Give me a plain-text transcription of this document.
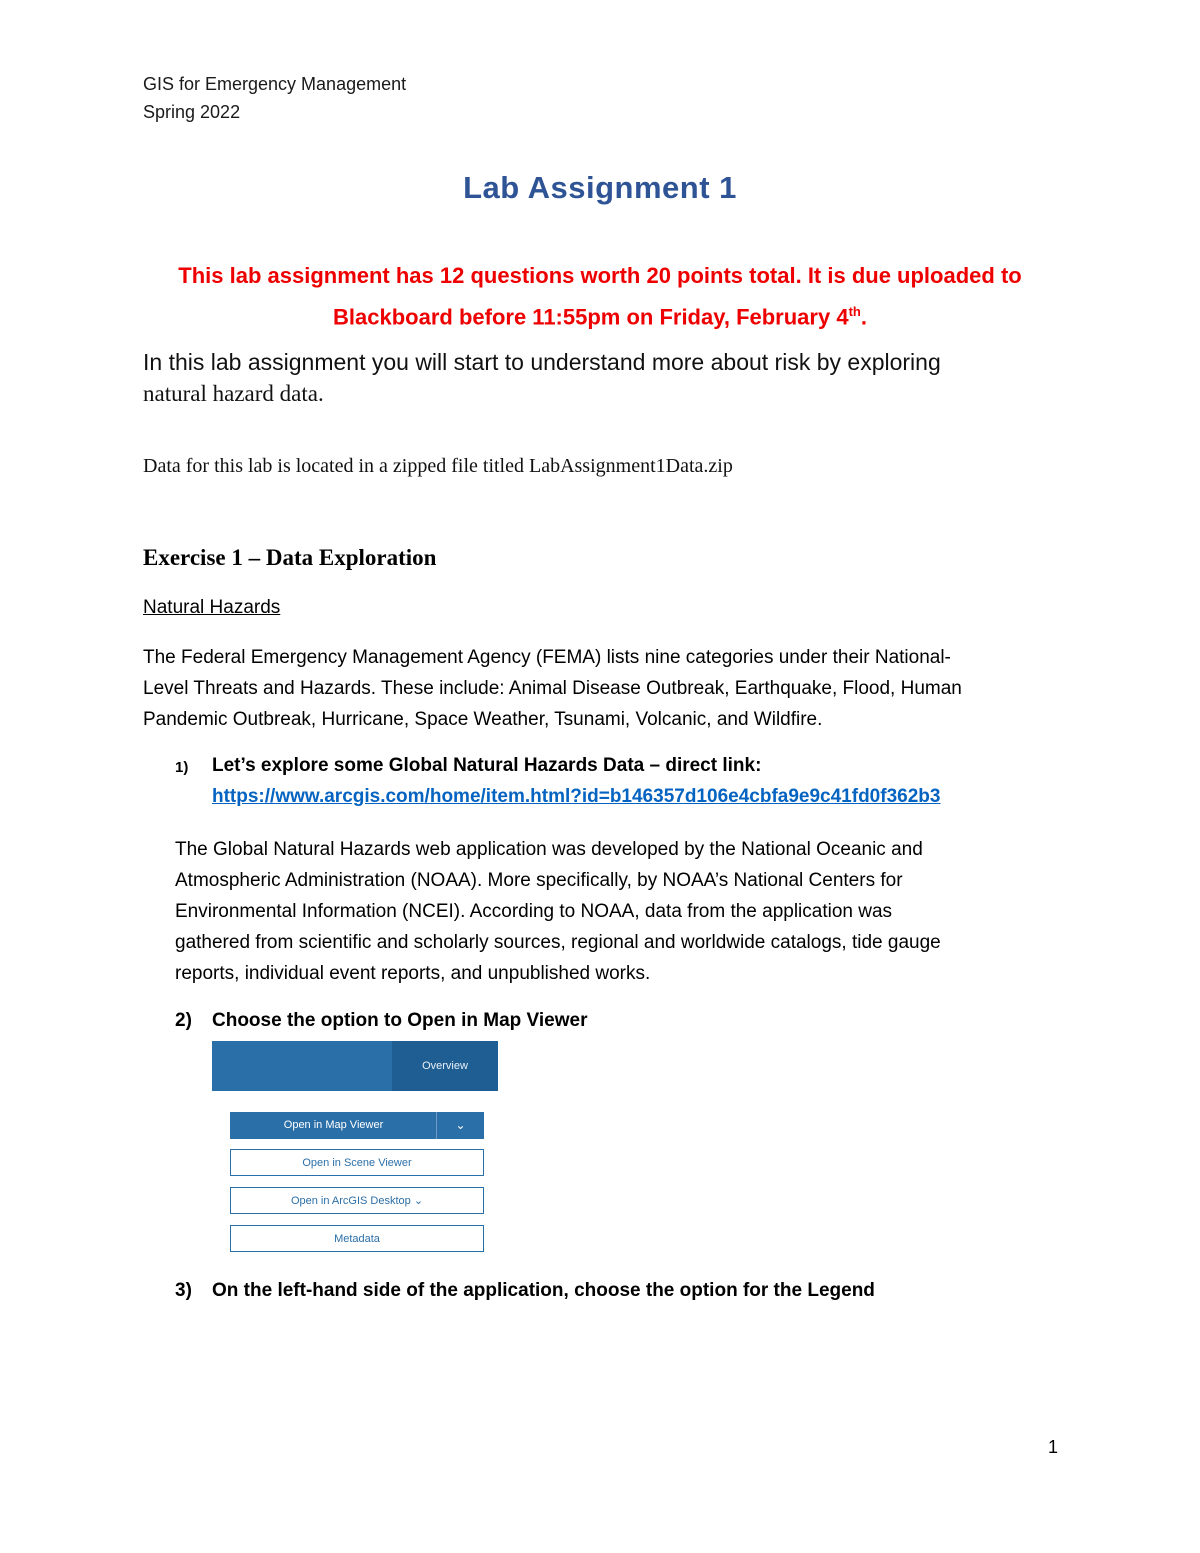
GIS for Emergency Management
Spring 2022
Lab Assignment 1
This lab assignment has 12 questions worth 20 points total. It is due uploaded to
Blackboard before 11:55pm on Friday, February 4th.
In this lab assignment you will start to understand more about risk by exploring
natural hazard data.
Data for this lab is located in a zipped file titled LabAssignment1Data.zip
Exercise 1 – Data Exploration
Natural Hazards
The Federal Emergency Management Agency (FEMA) lists nine categories under their National-
Level Threats and Hazards. These include: Animal Disease Outbreak, Earthquake, Flood, Human
Pandemic Outbreak, Hurricane, Space Weather, Tsunami, Volcanic, and Wildfire.
1) Let’s explore some Global Natural Hazards Data – direct link:
https://www.arcgis.com/home/item.html?id=b146357d106e4cbfa9e9c41fd0f362b3
The Global Natural Hazards web application was developed by the National Oceanic and
Atmospheric Administration (NOAA). More specifically, by NOAA’s National Centers for
Environmental Information (NCEI). According to NOAA, data from the application was
gathered from scientific and scholarly sources, regional and worldwide catalogs, tide gauge
reports, individual event reports, and unpublished works.
2) Choose the option to Open in Map Viewer
Overview
Open in Map Viewer	⌄
Open in Scene Viewer
Open in ArcGIS Desktop ⌄
Metadata
3) On the left-hand side of the application, choose the option for the Legend
1
